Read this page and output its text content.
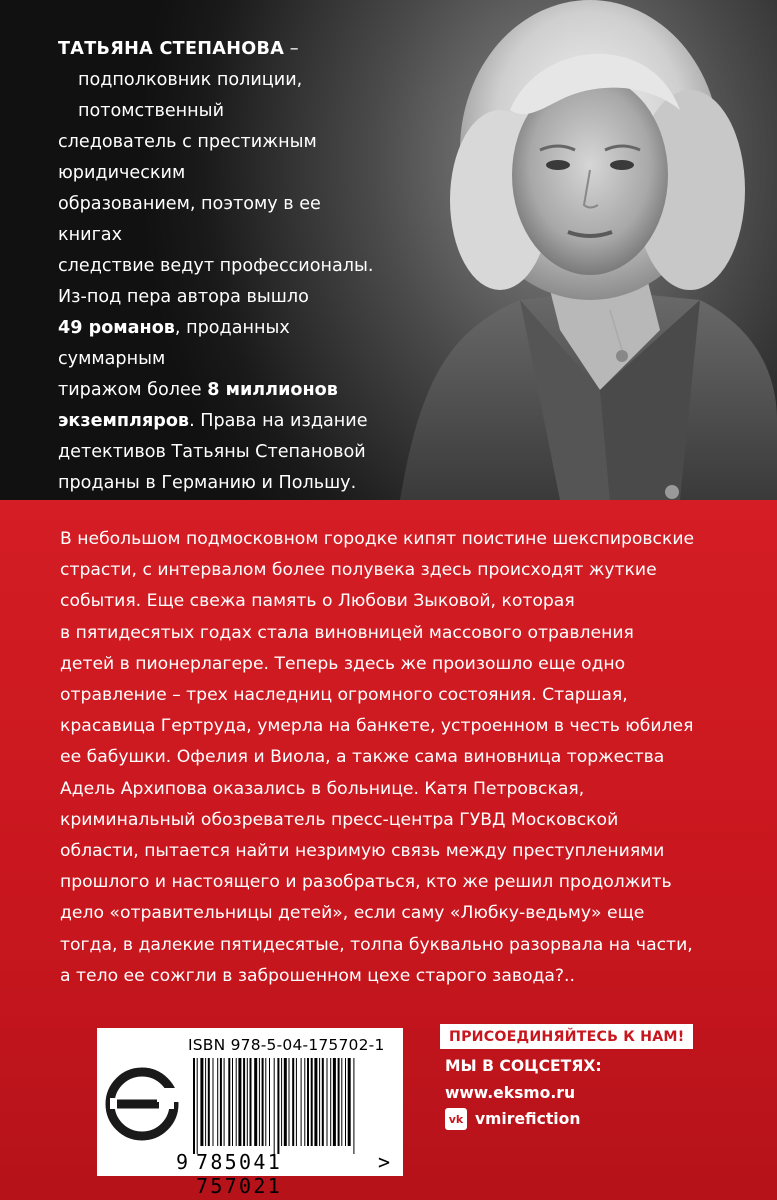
ТАТЬЯНА СТЕПАНОВА –

подполковник полиции, потомственный

следователь с престижным юридическим

образованием, поэтому в ее книгах

следствие ведут профессионалы.

Из-под пера автора вышло

49 романов, проданных суммарным

тиражом более 8 миллионов

экземпляров. Права на издание

детективов Татьяны Степановой

проданы в Германию и Польшу.

В небольшом подмосковном городке кипят поистине шекспировские

страсти, с интервалом более полувека здесь происходят жуткие

события. Еще свежа память о Любови Зыковой, которая

в пятидесятых годах стала виновницей массового отравления

детей в пионерлагере. Теперь здесь же произошло еще одно

отравление – трех наследниц огромного состояния. Старшая,

красавица Гертруда, умерла на банкете, устроенном в честь юбилея

ее бабушки. Офелия и Виола, а также сама виновница торжества

Адель Архипова оказались в больнице. Катя Петровская,

криминальный обозреватель пресс-центра ГУВД Московской

области, пытается найти незримую связь между преступлениями

прошлого и настоящего и разобраться, кто же решил продолжить

дело «отравительницы детей», если саму «Любку-ведьму» еще

тогда, в далекие пятидесятые, толпа буквально разорвала на части,

а тело ее сожгли в заброшенном цехе старого завода?..

ISBN 978-5-04-175702-1
9 785041 757021
>
ПРИСОЕДИНЯЙТЕСЬ К НАМ!
МЫ В СОЦСЕТЯХ:
www.eksmo.ru
vk vmirefiction
